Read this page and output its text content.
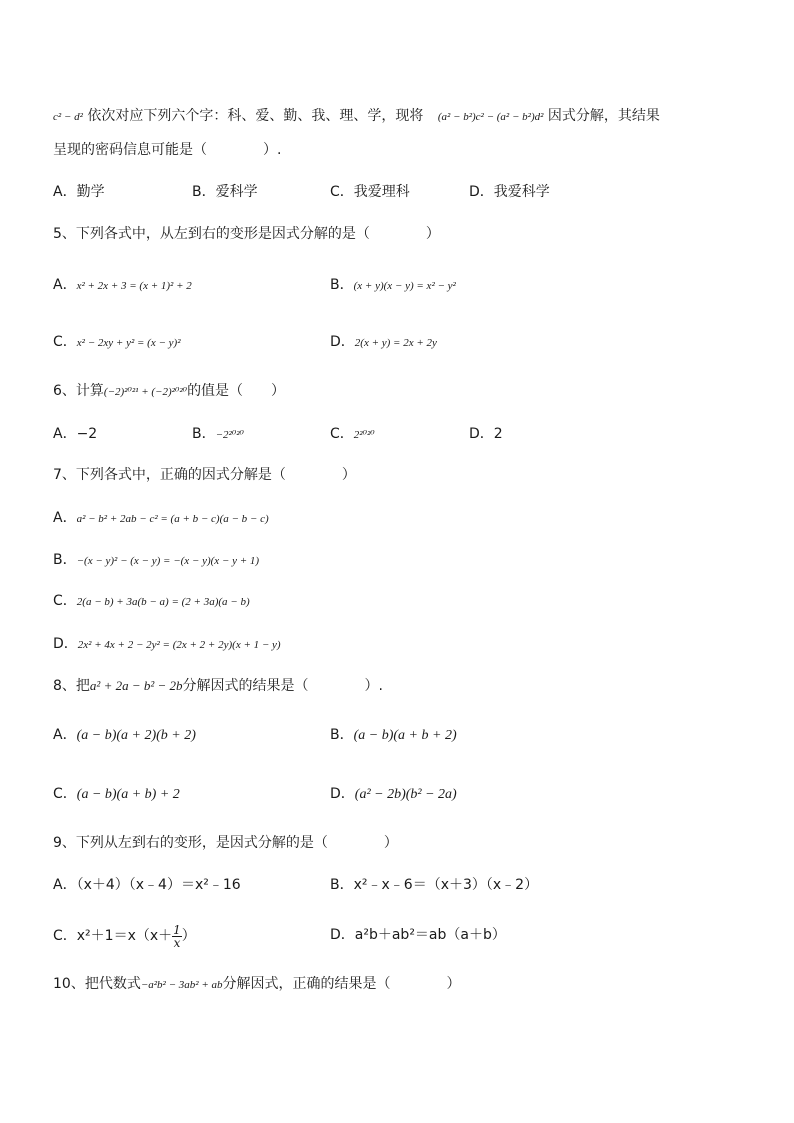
c² − d² 依次对应下列六个字：科、爱、勤、我、理、学，现将 (a² − b²)c² − (a² − b²)d² 因式分解，其结果
呈现的密码信息可能是（　　　　）.
A．勤学	B．爱科学	C．我爱理科	D．我爱科学
5、下列各式中，从左到右的变形是因式分解的是（　　　　）
A．x² + 2x + 3 = (x + 1)² + 2	B．(x + y)(x − y) = x² − y²
C．x² − 2xy + y² = (x − y)²	D．2(x + y) = 2x + 2y
6、计算(−2)²⁰²¹ + (−2)²⁰²⁰的值是（　　）
A．−2	B．−2²⁰²⁰	C．2²⁰²⁰	D．2
7、下列各式中，正确的因式分解是（　　　　）
A．a² − b² + 2ab − c² = (a + b − c)(a − b − c)
B．−(x − y)² − (x − y) = −(x − y)(x − y + 1)
C．2(a − b) + 3a(b − a) = (2 + 3a)(a − b)
D．2x² + 4x + 2 − 2y² = (2x + 2 + 2y)(x + 1 − y)
8、把a² + 2a − b² − 2b分解因式的结果是（　　　　）.
A．(a − b)(a + 2)(b + 2)	B．(a − b)(a + b + 2)
C．(a − b)(a + b) + 2	D．(a² − 2b)(b² − 2a)
9、下列从左到右的变形，是因式分解的是（　　　　）
A．（x＋4）（x﹣4）＝x²﹣16	B．x²﹣x﹣6＝（x＋3）（x﹣2）
C．$x^2+1=x(x+ \frac{1}{x}$ ）	D．a²b＋ab²＝ab（a＋b）
10、把代数式−a²b² − 3ab² + ab分解因式，正确的结果是（　　　　）
